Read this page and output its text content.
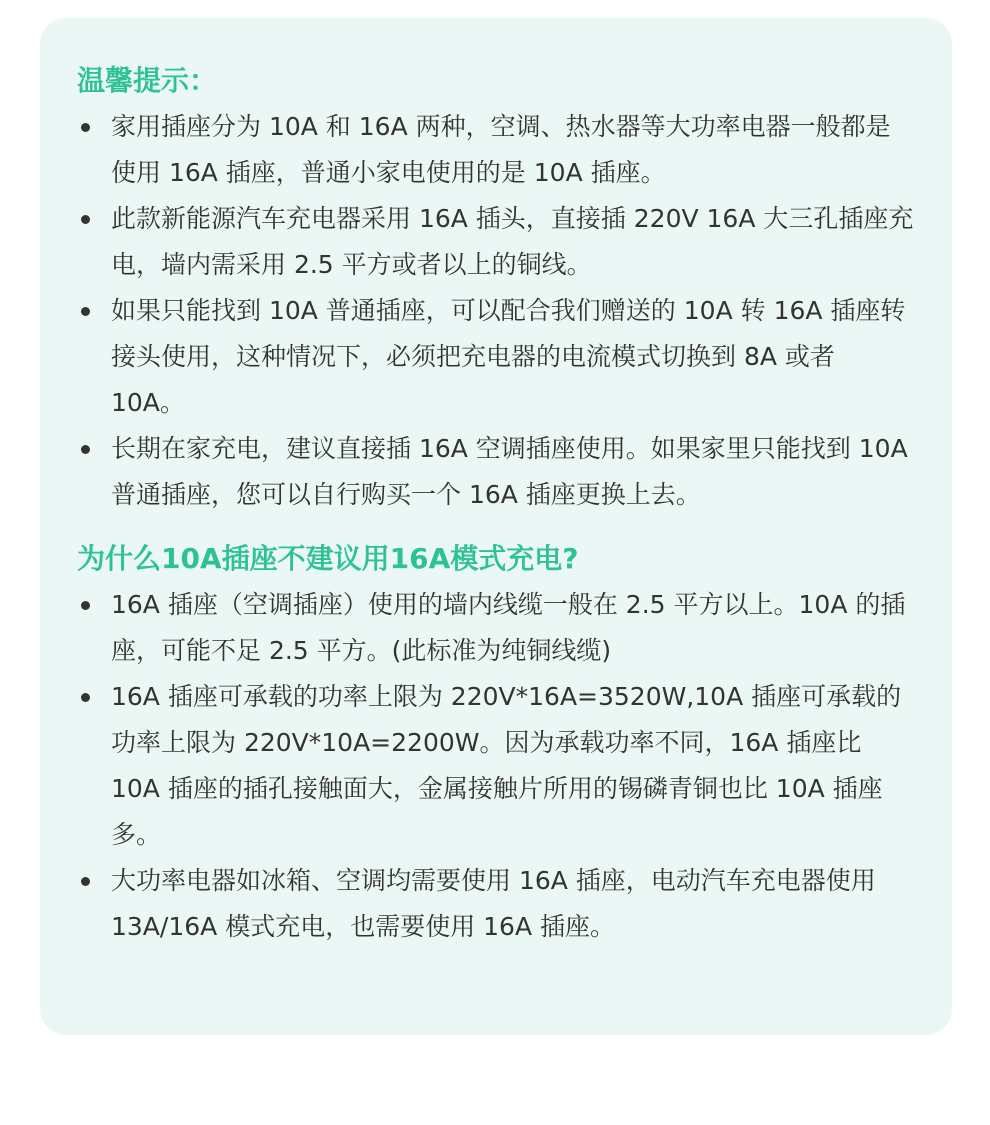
温馨提示：
家用插座分为 10A 和 16A 两种，空调、热水器等大功率电器一般都是使用 16A 插座，普通小家电使用的是 10A 插座。
此款新能源汽车充电器采用 16A 插头，直接插 220V 16A 大三孔插座充电，墙内需采用 2.5 平方或者以上的铜线。
如果只能找到 10A 普通插座，可以配合我们赠送的 10A 转 16A 插座转接头使用，这种情况下，必须把充电器的电流模式切换到 8A 或者 10A。
长期在家充电，建议直接插 16A 空调插座使用。如果家里只能找到 10A 普通插座，您可以自行购买一个 16A 插座更换上去。
为什么10A插座不建议用16A模式充电?
16A 插座（空调插座）使用的墙内线缆一般在 2.5 平方以上。10A 的插座，可能不足 2.5 平方。(此标准为纯铜线缆)
16A 插座可承载的功率上限为 220V*16A=3520W,10A 插座可承载的功率上限为 220V*10A=2200W。因为承载功率不同，16A 插座比 10A 插座的插孔接触面大，金属接触片所用的锡磷青铜也比 10A 插座多。
大功率电器如冰箱、空调均需要使用 16A 插座，电动汽车充电器使用 13A/16A 模式充电，也需要使用 16A 插座。
